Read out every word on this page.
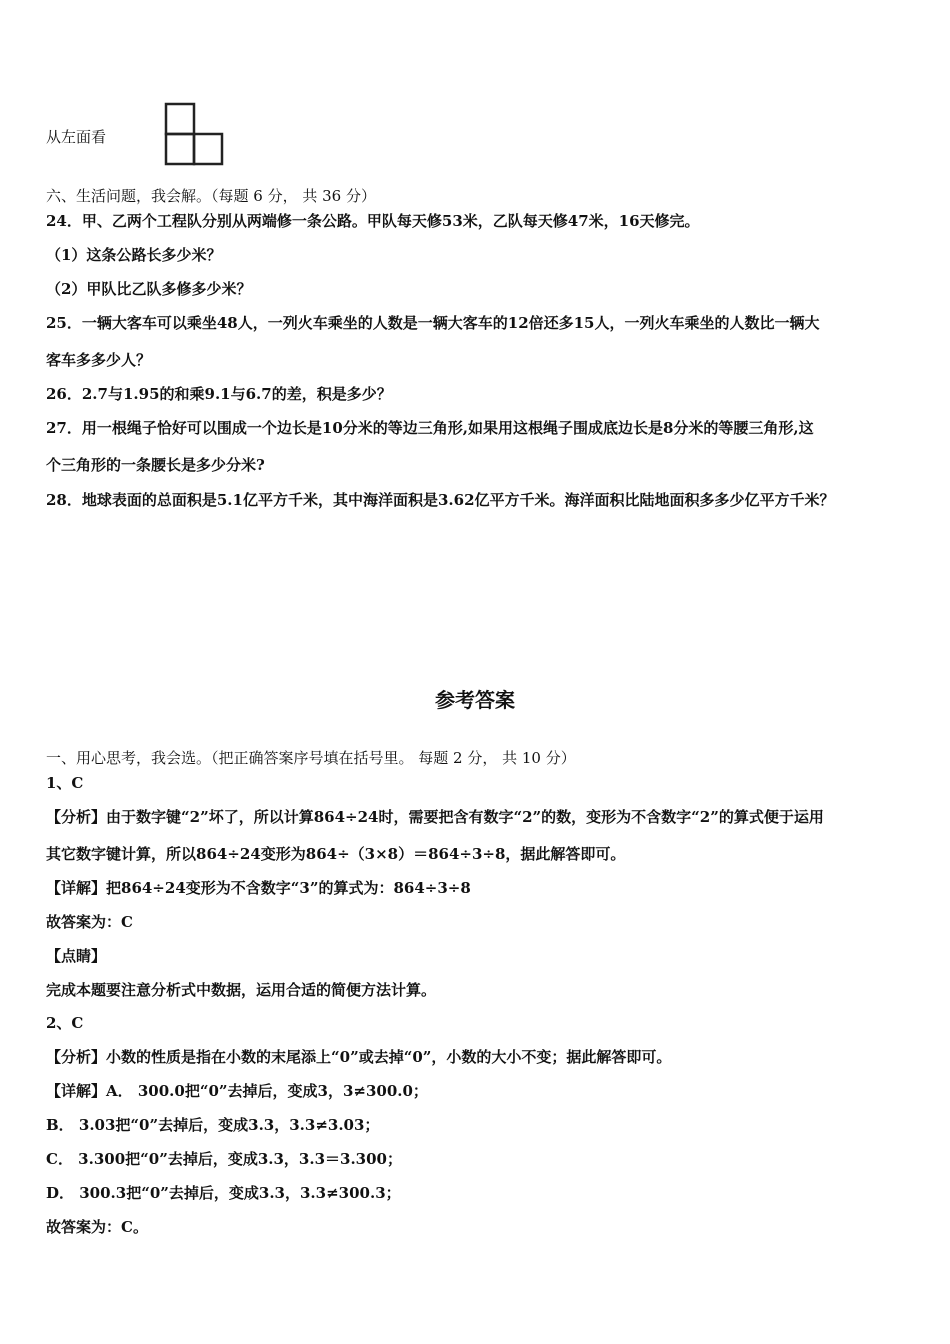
从左面看
六、生活问题，我会解。（每题 6 分， 共 36 分）
24．甲、乙两个工程队分别从两端修一条公路。甲队每天修53米，乙队每天修47米，16天修完。
（1）这条公路长多少米？
（2）甲队比乙队多修多少米？
25．一辆大客车可以乘坐48人，一列火车乘坐的人数是一辆大客车的12倍还多15人，一列火车乘坐的人数比一辆大
客车多多少人？
26．2.7与1.95的和乘9.1与6.7的差，积是多少？
27．用一根绳子恰好可以围成一个边长是10分米的等边三角形,如果用这根绳子围成底边长是8分米的等腰三角形,这
个三角形的一条腰长是多少分米?
28．地球表面的总面积是5.1亿平方千米，其中海洋面积是3.62亿平方千米。海洋面积比陆地面积多多少亿平方千米？
参考答案
一、用心思考，我会选。（把正确答案序号填在括号里。 每题 2 分， 共 10 分）
1、C
【分析】由于数字键“2”坏了，所以计算864÷24时，需要把含有数字“2”的数，变形为不含数字“2”的算式便于运用
其它数字键计算，所以864÷24变形为864÷（3×8）＝864÷3÷8，据此解答即可。
【详解】把864÷24变形为不含数字“3”的算式为：864÷3÷8
故答案为：C
【点睛】
完成本题要注意分析式中数据，运用合适的简便方法计算。
2、C
【分析】小数的性质是指在小数的末尾添上“0”或去掉“0”，小数的大小不变；据此解答即可。
【详解】A． 300.0把“0”去掉后，变成3，3≠300.0；
B． 3.03把“0”去掉后，变成3.3，3.3≠3.03；
C． 3.300把“0”去掉后，变成3.3，3.3＝3.300；
D． 300.3把“0”去掉后，变成3.3，3.3≠300.3；
故答案为：C。
